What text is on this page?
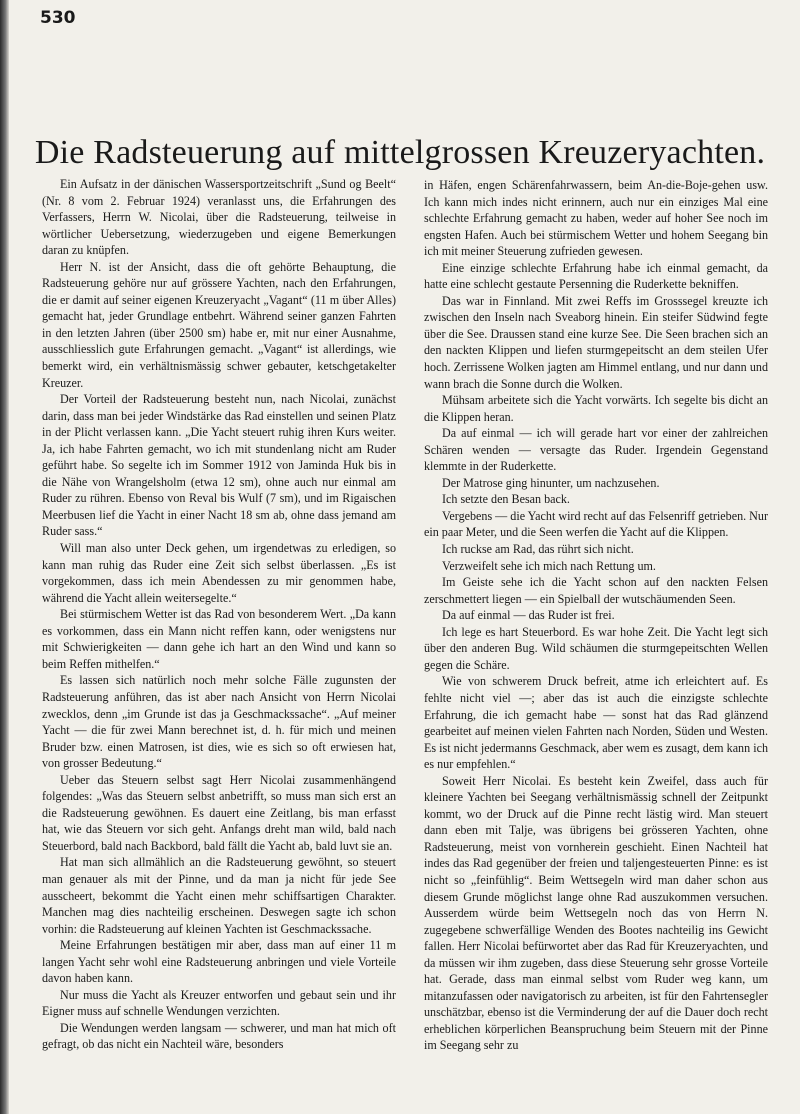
530
Die Radsteuerung auf mittelgrossen Kreuzeryachten.

Ein Aufsatz in der dänischen Wassersportzeitschrift „Sund og Beelt“ (Nr. 8 vom 2. Februar 1924) veranlasst uns, die Erfahrungen des Verfassers, Herrn W. Nicolai, über die Radsteuerung, teilweise in wörtlicher Uebersetzung, wiederzugeben und eigene Bemerkungen daran zu knüpfen.

Herr N. ist der Ansicht, dass die oft gehörte Behauptung, die Radsteuerung gehöre nur auf grössere Yachten, nach den Erfahrungen, die er damit auf seiner eigenen Kreuzeryacht „Vagant“ (11 m über Alles) gemacht hat, jeder Grundlage entbehrt. Während seiner ganzen Fahrten in den letzten Jahren (über 2500 sm) habe er, mit nur einer Ausnahme, ausschliesslich gute Erfahrungen gemacht. „Vagant“ ist allerdings, wie bemerkt wird, ein verhältnismässig schwer gebauter, ketschgetakelter Kreuzer.

Der Vorteil der Radsteuerung besteht nun, nach Nicolai, zunächst darin, dass man bei jeder Windstärke das Rad einstellen und seinen Platz in der Plicht verlassen kann. „Die Yacht steuert ruhig ihren Kurs weiter. Ja, ich habe Fahrten gemacht, wo ich mit stundenlang nicht am Ruder geführt habe. So segelte ich im Sommer 1912 von Jaminda Huk bis in die Nähe von Wrangelsholm (etwa 12 sm), ohne auch nur einmal am Ruder zu rühren. Ebenso von Reval bis Wulf (7 sm), und im Rigaischen Meerbusen lief die Yacht in einer Nacht 18 sm ab, ohne dass jemand am Ruder sass.“

Will man also unter Deck gehen, um irgendetwas zu erledigen, so kann man ruhig das Ruder eine Zeit sich selbst überlassen. „Es ist vorgekommen, dass ich mein Abendessen zu mir genommen habe, während die Yacht allein weitersegelte.“

Bei stürmischem Wetter ist das Rad von besonderem Wert. „Da kann es vorkommen, dass ein Mann nicht reffen kann, oder wenigstens nur mit Schwierigkeiten — dann gehe ich hart an den Wind und kann so beim Reffen mithelfen.“

Es lassen sich natürlich noch mehr solche Fälle zugunsten der Radsteuerung anführen, das ist aber nach Ansicht von Herrn Nicolai zwecklos, denn „im Grunde ist das ja Geschmackssache“. „Auf meiner Yacht — die für zwei Mann berechnet ist, d. h. für mich und meinen Bruder bzw. einen Matrosen, ist dies, wie es sich so oft erwiesen hat, von grosser Bedeutung.“

Ueber das Steuern selbst sagt Herr Nicolai zusammenhängend folgendes: „Was das Steuern selbst anbetrifft, so muss man sich erst an die Radsteuerung gewöhnen. Es dauert eine Zeitlang, bis man erfasst hat, wie das Steuern vor sich geht. Anfangs dreht man wild, bald nach Steuerbord, bald nach Backbord, bald fällt die Yacht ab, bald luvt sie an.

Hat man sich allmählich an die Radsteuerung gewöhnt, so steuert man genauer als mit der Pinne, und da man ja nicht für jede See ausscheert, bekommt die Yacht einen mehr schiffsartigen Charakter. Manchen mag dies nachteilig erscheinen. Deswegen sagte ich schon vorhin: die Radsteuerung auf kleinen Yachten ist Geschmackssache.

Meine Erfahrungen bestätigen mir aber, dass man auf einer 11 m langen Yacht sehr wohl eine Radsteuerung anbringen und viele Vorteile davon haben kann.

Nur muss die Yacht als Kreuzer entworfen und gebaut sein und ihr Eigner muss auf schnelle Wendungen verzichten.

Die Wendungen werden langsam — schwerer, und man hat mich oft gefragt, ob das nicht ein Nachteil wäre, besonders

in Häfen, engen Schärenfahrwassern, beim An-die-Boje-gehen usw. Ich kann mich indes nicht erinnern, auch nur ein einziges Mal eine schlechte Erfahrung gemacht zu haben, weder auf hoher See noch im engsten Hafen. Auch bei stürmischem Wetter und hohem Seegang bin ich mit meiner Steuerung zufrieden gewesen.

Eine einzige schlechte Erfahrung habe ich einmal gemacht, da hatte eine schlecht gestaute Persenning die Ruderkette bekniffen.

Das war in Finnland. Mit zwei Reffs im Grosssegel kreuzte ich zwischen den Inseln nach Sveaborg hinein. Ein steifer Südwind fegte über die See. Draussen stand eine kurze See. Die Seen brachen sich an den nackten Klippen und liefen sturmgepeitscht an dem steilen Ufer hoch. Zerrissene Wolken jagten am Himmel entlang, und nur dann und wann brach die Sonne durch die Wolken.

Mühsam arbeitete sich die Yacht vorwärts. Ich segelte bis dicht an die Klippen heran.

Da auf einmal — ich will gerade hart vor einer der zahlreichen Schären wenden — versagte das Ruder. Irgendein Gegenstand klemmte in der Ruderkette.

Der Matrose ging hinunter, um nachzusehen.

Ich setzte den Besan back.

Vergebens — die Yacht wird recht auf das Felsenriff getrieben. Nur ein paar Meter, und die Seen werfen die Yacht auf die Klippen.

Ich ruckse am Rad, das rührt sich nicht.

Verzweifelt sehe ich mich nach Rettung um.

Im Geiste sehe ich die Yacht schon auf den nackten Felsen zerschmettert liegen — ein Spielball der wutschäumenden Seen.

Da auf einmal — das Ruder ist frei.

Ich lege es hart Steuerbord. Es war hohe Zeit. Die Yacht legt sich über den anderen Bug. Wild schäumen die sturmgepeitschten Wellen gegen die Schäre.

Wie von schwerem Druck befreit, atme ich erleichtert auf. Es fehlte nicht viel —; aber das ist auch die einzigste schlechte Erfahrung, die ich gemacht habe — sonst hat das Rad glänzend gearbeitet auf meinen vielen Fahrten nach Norden, Süden und Westen. Es ist nicht jedermanns Geschmack, aber wem es zusagt, dem kann ich es nur empfehlen.“

Soweit Herr Nicolai. Es besteht kein Zweifel, dass auch für kleinere Yachten bei Seegang verhältnismässig schnell der Zeitpunkt kommt, wo der Druck auf die Pinne recht lästig wird. Man steuert dann eben mit Talje, was übrigens bei grösseren Yachten, ohne Radsteuerung, meist von vornherein geschieht. Einen Nachteil hat indes das Rad gegenüber der freien und taljengesteuerten Pinne: es ist nicht so „feinfühlig“. Beim Wettsegeln wird man daher schon aus diesem Grunde möglichst lange ohne Rad auszukommen versuchen. Ausserdem würde beim Wettsegeln noch das von Herrn N. zugegebene schwerfällige Wenden des Bootes nachteilig ins Gewicht fallen. Herr Nicolai befürwortet aber das Rad für Kreuzeryachten, und da müssen wir ihm zugeben, dass diese Steuerung sehr grosse Vorteile hat. Gerade, dass man einmal selbst vom Ruder weg kann, um mitanzufassen oder navigatorisch zu arbeiten, ist für den Fahrtensegler unschätzbar, ebenso ist die Verminderung der auf die Dauer doch recht erheblichen körperlichen Beanspruchung beim Steuern mit der Pinne im Seegang sehr zu
